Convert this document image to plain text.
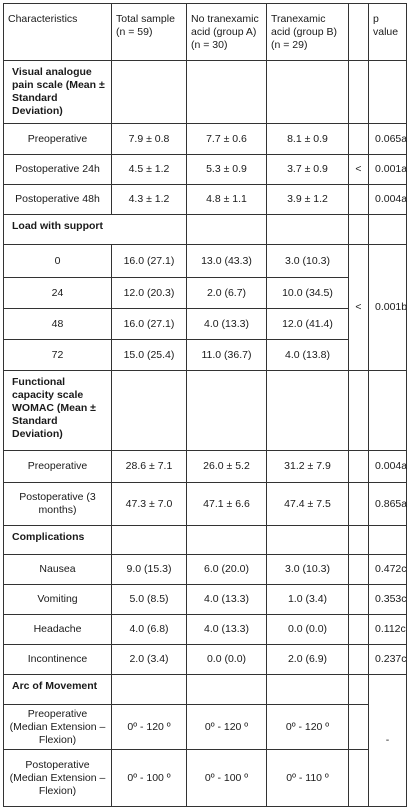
Characteristics	Total sample (n = 59)	No tranexamic acid (group A) (n = 30)	Tranexamic acid (group B) (n = 29)		p value
Visual analogue pain scale (Mean ± Standard Deviation)					
Preoperative	7.9 ± 0.8	7.7 ± 0.6	8.1 ± 0.9		0.065a
Postoperative 24h	4.5 ± 1.2	5.3 ± 0.9	3.7 ± 0.9	<	0.001a
Postoperative 48h	4.3 ± 1.2	4.8 ± 1.1	3.9 ± 1.2		0.004a
Load with support					
0	16.0 (27.1)	13.0 (43.3)	3.0 (10.3)	<	0.001b
24	12.0 (20.3)	2.0 (6.7)	10.0 (34.5)		
48	16.0 (27.1)	4.0 (13.3)	12.0 (41.4)		
72	15.0 (25.4)	11.0 (36.7)	4.0 (13.8)		
Functional capacity scale WOMAC (Mean ± Standard Deviation)					
Preoperative	28.6 ± 7.1	26.0 ± 5.2	31.2 ± 7.9		0.004a
Postoperative (3 months)	47.3 ± 7.0	47.1 ± 6.6	47.4 ± 7.5		0.865a
Complications					
Nausea	9.0 (15.3)	6.0 (20.0)	3.0 (10.3)		0.472c
Vomiting	5.0 (8.5)	4.0 (13.3)	1.0 (3.4)		0.353c
Headache	4.0 (6.8)	4.0 (13.3)	0.0 (0.0)		0.112c
Incontinence	2.0 (3.4)	0.0 (0.0)	2.0 (6.9)		0.237c
Arc of Movement					-
Preoperative (Median Extension – Flexion)	0º - 120 º	0º - 120 º	0º - 120 º		
Postoperative (Median Extension – Flexion)	0º - 100 º	0º - 100 º	0º - 110 º		
